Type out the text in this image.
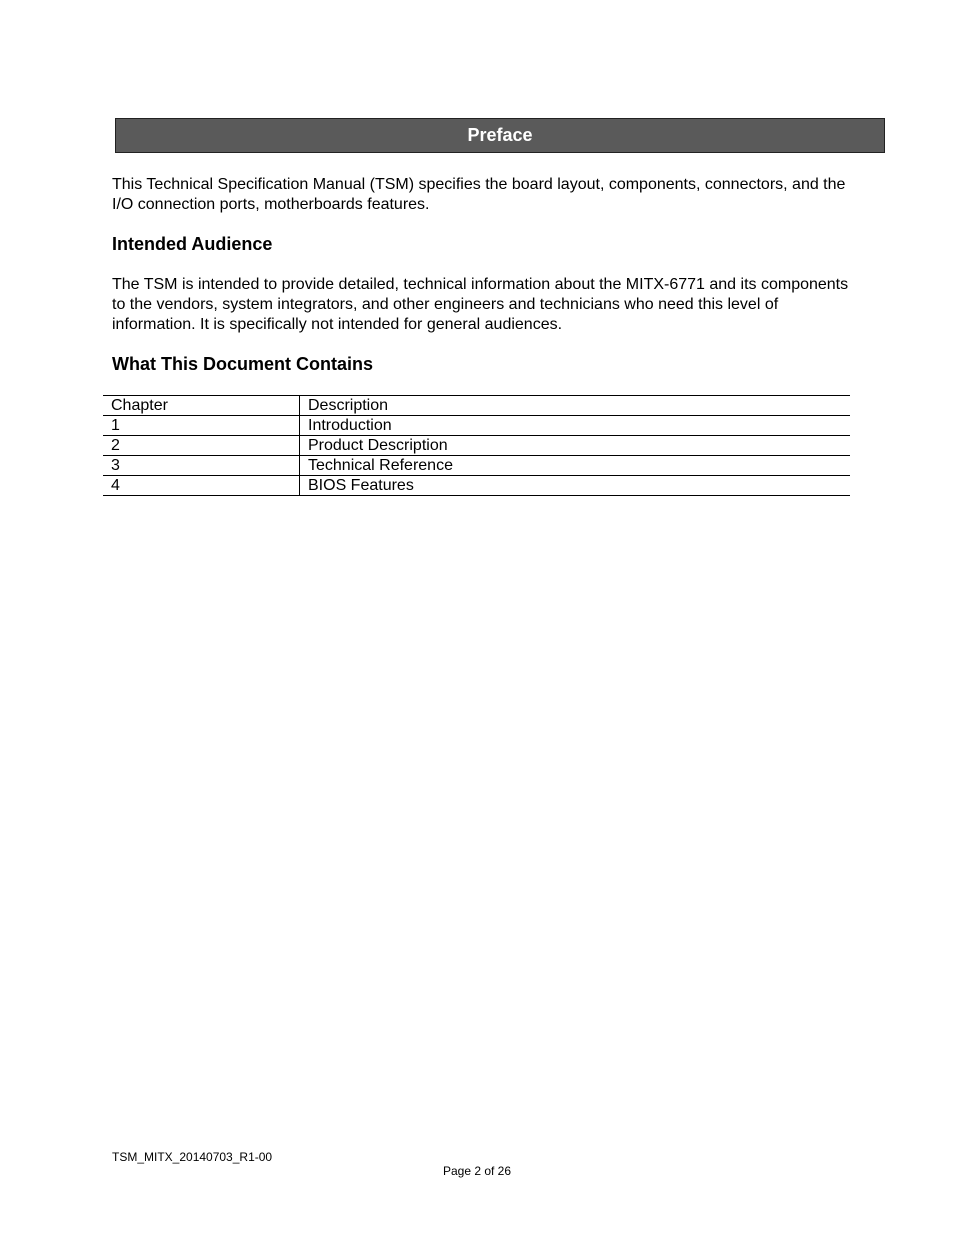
Preface

This Technical Specification Manual (TSM) specifies the board layout, components, connectors, and the I/O connection ports, motherboards features.

Intended Audience

The TSM is intended to provide detailed, technical information about the MITX-6771 and its components to the vendors, system integrators, and other engineers and technicians who need this level of information. It is specifically not intended for general audiences.

What This Document Contains
Chapter	Description
1	Introduction
2	Product Description
3	Technical Reference
4	BIOS Features
TSM_MITX_20140703_R1-00
Page 2 of 26
